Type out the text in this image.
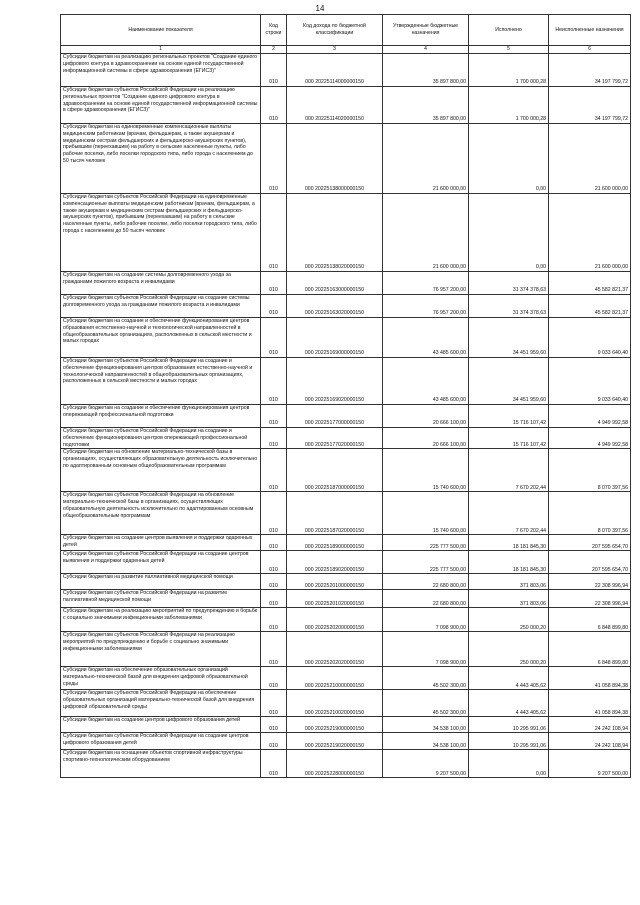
14
Наименование показателя	Код строки	Код дохода по бюджетной классификации	Утвержденные бюджетные назначения	Исполнено	Неисполненные назначения
1	2	3	4	5	6
Субсидии бюджетам на реализацию региональных проектов "Создание единого цифрового контура в здравоохранении на основе единой государственной информационной системы в сфере здравоохранения (ЕГИСЗ)"	010	000 20225114000000150	35 897 800,00	1 700 000,28	34 197 799,72
Субсидии бюджетам субъектов Российской Федерации на реализацию региональных проектов "Создание единого цифрового контура в здравоохранении на основе единой государственной информационной системы в сфере здравоохранения (ЕГИСЗ)"	010	000 20225114020000150	35 897 800,00	1 700 000,28	34 197 799,72
Субсидии бюджетам на единовременные компенсационные выплаты медицинским работникам (врачам, фельдшерам, а также акушеркам и медицинским сестрам фельдшерских и фельдшерско-акушерских пунктов), прибывшим (переехавшим) на работу в сельские населенные пункты, либо рабочие поселки, либо поселки городского типа, либо города с населением до 50 тысяч человек	010	000 20225138000000150	21 600 000,00	0,00	21 600 000,00
Субсидии бюджетам субъектов Российской Федерации на единовременные компенсационные выплаты медицинским работникам (врачам, фельдшерам, а также акушеркам и медицинским сестрам фельдшерских и фельдшерско-акушерских пунктов), прибывшим (переехавшим) на работу в сельские населенные пункты, либо рабочие поселки, либо поселки городского типа, либо города с населением до 50 тысяч человек	010	000 20225138020000150	21 600 000,00	0,00	21 600 000,00
Субсидии бюджетам на создание системы долговременного ухода за гражданами пожилого возраста и инвалидами	010	000 20225163000000150	76 957 200,00	31 374 378,63	45 582 821,37
Субсидии бюджетам субъектов Российской Федерации на создание системы долговременного ухода за гражданами пожилого возраста и инвалидами	010	000 20225163020000150	76 957 200,00	31 374 378,63	45 582 821,37
Субсидии бюджетам на создание и обеспечение функционирования центров образования естественно-научной и технологической направленностей в общеобразовательных организациях, расположенных в сельской местности и малых городах	010	000 20225169000000150	43 485 600,00	34 451 959,60	9 033 640,40
Субсидии бюджетам субъектов Российской Федерации на создание и обеспечение функционирования центров образования естественно-научной и технологической направленностей в общеобразовательных организациях, расположенных в сельской местности и малых городах	010	000 20225169020000150	43 485 600,00	34 451 959,60	9 033 640,40
Субсидии бюджетам на создание и обеспечение функционирования центров опережающей профессиональной подготовки	010	000 20225177000000150	20 666 100,00	15 716 107,42	4 949 992,58
Субсидии бюджетам субъектов Российской Федерации на создание и обеспечение функционирования центров опережающей профессиональной подготовки	010	000 20225177020000150	20 666 100,00	15 716 107,42	4 949 992,58
Субсидии бюджетам на обновление материально-технической базы в организациях, осуществляющих образовательную деятельность исключительно по адаптированным основным общеобразовательным программам	010	000 20225187000000150	15 740 600,00	7 670 202,44	8 070 397,56
Субсидии бюджетам субъектов Российской Федерации на обновление материально-технической базы в организациях, осуществляющих образовательную деятельность исключительно по адаптированным основным общеобразовательным программам	010	000 20225187020000150	15 740 600,00	7 670 202,44	8 070 397,56
Субсидии бюджетам на создание центров выявления и поддержки одаренных детей	010	000 20225189000000150	225 777 500,00	18 181 845,30	207 595 654,70
Субсидии бюджетам субъектов Российской Федерации на создание центров выявления и поддержки одаренных детей	010	000 20225189020000150	225 777 500,00	18 181 845,30	207 595 654,70
Субсидии бюджетам на развитие паллиативной медицинской помощи	010	000 20225201000000150	22 680 800,00	371 803,06	22 308 996,94
Субсидии бюджетам субъектов Российской Федерации на развитие паллиативной медицинской помощи	010	000 20225201020000150	22 680 800,00	371 803,06	22 308 996,94
Субсидии бюджетам на реализацию мероприятий по предупреждению и борьбе с социально значимыми инфекционными заболеваниями	010	000 20225202000000150	7 098 900,00	250 000,20	6 848 899,80
Субсидии бюджетам субъектов Российской Федерации на реализацию мероприятий по предупреждению и борьбе с социально значимыми инфекционными заболеваниями	010	000 20225202020000150	7 098 900,00	250 000,20	6 848 899,80
Субсидии бюджетам на обеспечение образовательных организаций материально-технической базой для внедрения цифровой образовательной среды	010	000 20225210000000150	45 502 300,00	4 443 405,62	41 058 894,38
Субсидии бюджетам субъектов Российской Федерации на обеспечение образовательных организаций материально-технической базой для внедрения цифровой образовательной среды	010	000 20225210020000150	45 502 300,00	4 443 405,62	41 058 894,38
Субсидии бюджетам на создание центров цифрового образования детей	010	000 20225219000000150	34 538 100,00	10 295 991,06	24 242 108,94
Субсидии бюджетам субъектов Российской Федерации на создание центров цифрового образования детей	010	000 20225219020000150	34 538 100,00	10 295 991,06	24 242 108,94
Субсидии бюджетам на оснащение объектов спортивной инфраструктуры спортивно-технологическим оборудованием	010	000 20225228000000150	9 207 500,00	0,00	9 207 500,00
